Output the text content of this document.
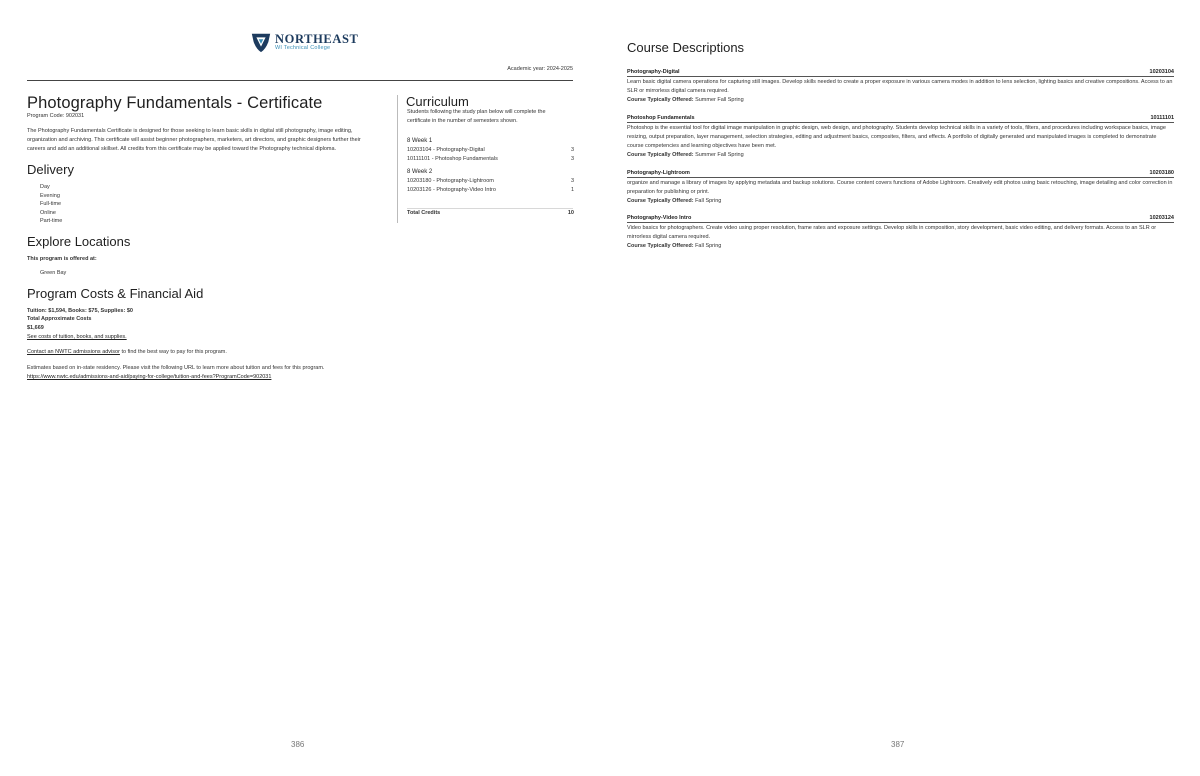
NORTHEAST
WI Technical College
Academic year: 2024-2025
Photography Fundamentals - Certificate
Program Code: 902031

The Photography Fundamentals Certificate is designed for those seeking to learn basic skills in digital still photography, image editing, organization and archiving. This certificate will assist beginner photographers, marketers, art directors, and graphic designers further their careers and add an additional skillset. All credits from this certificate may be applied toward the Photography technical diploma.

Delivery
Day
Evening
Full-time
Online
Part-time
Explore Locations
This program is offered at:
Green Bay
Program Costs & Financial Aid
Tuition: $1,594, Books: $75, Supplies: $0
Total Approximate Costs
$1,669
See costs of tuition, books, and supplies.
Contact an NWTC admissions advisor to find the best way to pay for this program.
Estimates based on in-state residency. Please visit the following URL to learn more about tuition and fees for this program.
https://www.nwtc.edu/admissions-and-aid/paying-for-college/tuition-and-fees?ProgramCode=902031
Curriculum

Students following the study plan below will complete the certificate in the number of semesters shown.

8 Week 1
10203104 - Photography-Digital	3
10111101 - Photoshop Fundamentals	3
8 Week 2
10203180 - Photography-Lightroom	3
10203126 - Photography-Video Intro	1
Total Credits	10
386
Course Descriptions
Photography-Digital	10203104

Learn basic digital camera operations for capturing still images. Develop skills needed to create a proper exposure in various camera modes in addition to lens selection, lighting basics and creative compositions. Access to an SLR or mirrorless digital camera required.

Course Typically Offered: Summer Fall Spring
Photoshop Fundamentals	10111101

Photoshop is the essential tool for digital image manipulation in graphic design, web design, and photography. Students develop technical skills in a variety of tools, filters, and procedures including workspace basics, image resizing, output preparation, layer management, selection strategies, editing and adjustment basics, composites, filters, and effects. A portfolio of digitally generated and manipulated images is completed to demonstrate course competencies and learning objectives have been met.

Course Typically Offered: Summer Fall Spring
Photography-Lightroom	10203180

organize and manage a library of images by applying metadata and backup solutions. Course content covers functions of Adobe Lightroom. Creatively edit photos using basic retouching, image detailing and color correction in preparation for publishing or print.

Course Typically Offered: Fall Spring
Photography-Video Intro	10203124

Video basics for photographers. Create video using proper resolution, frame rates and exposure settings. Develop skills in composition, story development, basic video editing, and delivery formats. Access to an SLR or mirrorless digital camera required.

Course Typically Offered: Fall Spring
387
